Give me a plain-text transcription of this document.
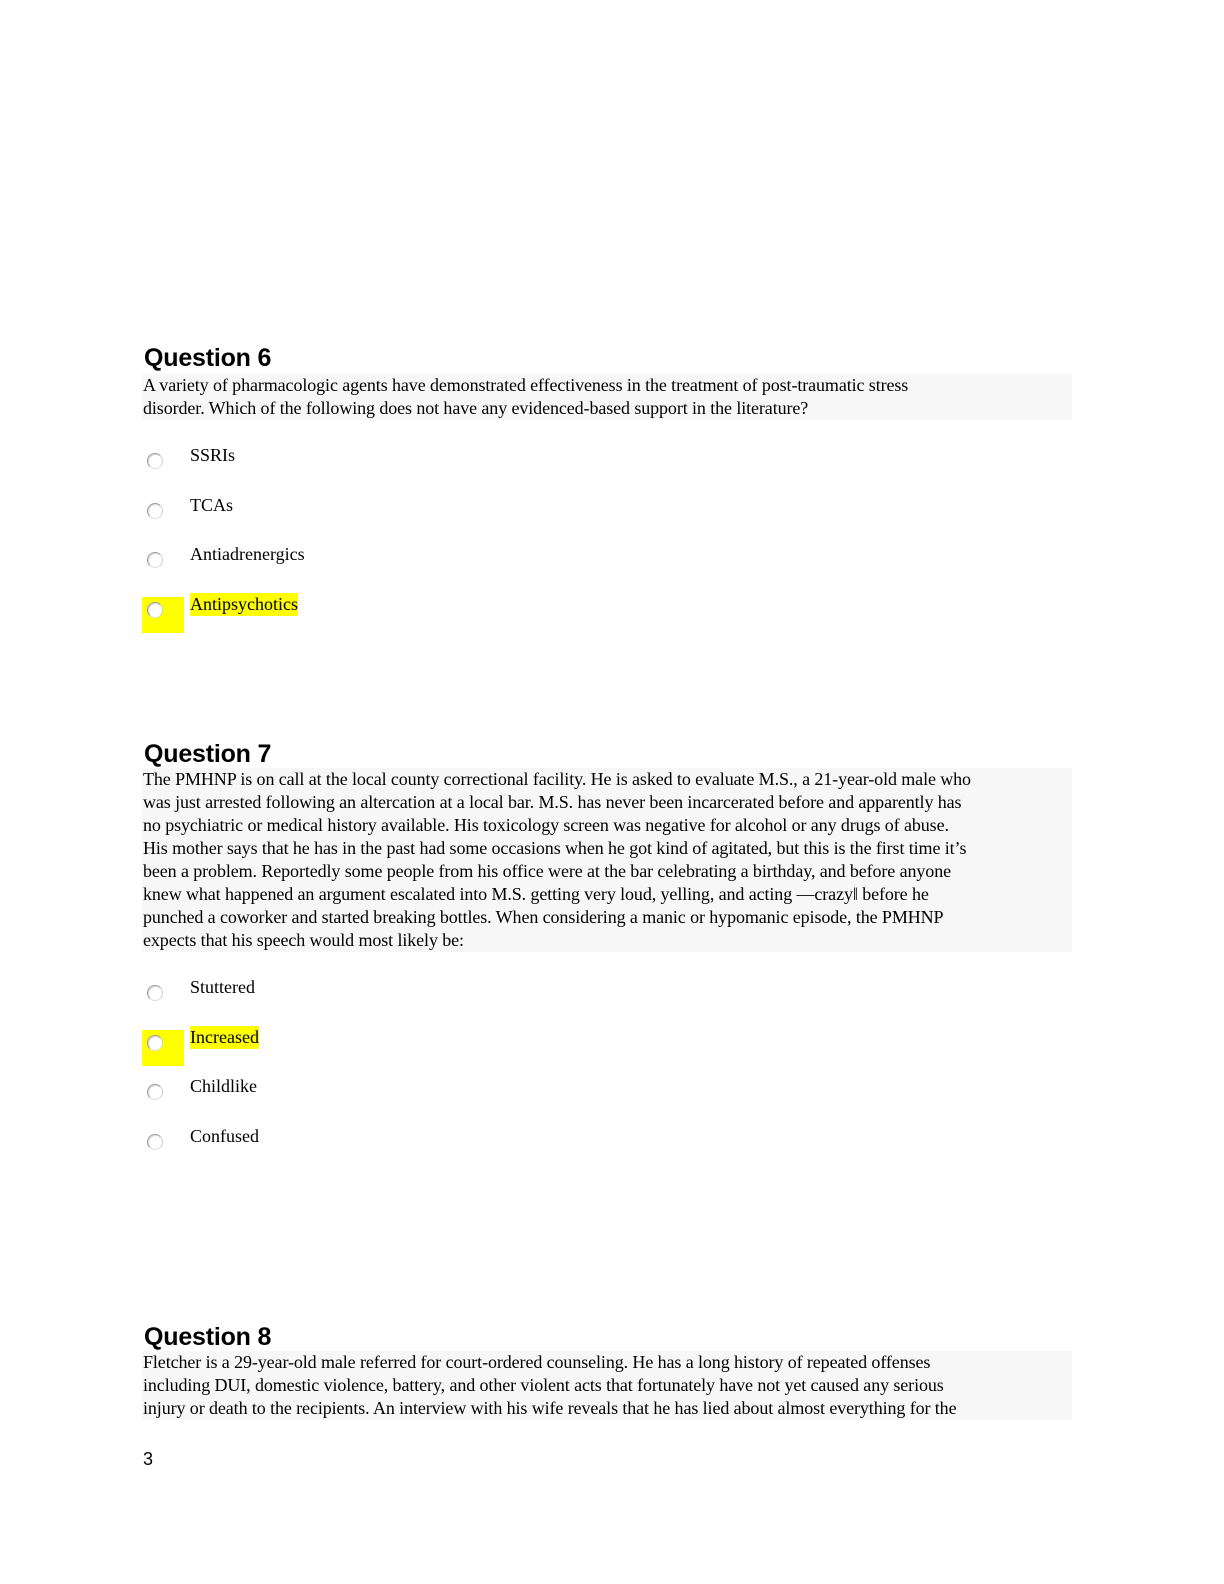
Question 6
A variety of pharmacologic agents have demonstrated effectiveness in the treatment of post-traumatic stress
disorder. Which of the following does not have any evidenced-based support in the literature?
SSRIs
TCAs
Antiadrenergics
Antipsychotics
Question 7
The PMHNP is on call at the local county correctional facility. He is asked to evaluate M.S., a 21-year-old male who
was just arrested following an altercation at a local bar. M.S. has never been incarcerated before and apparently has
no psychiatric or medical history available. His toxicology screen was negative for alcohol or any drugs of abuse.
His mother says that he has in the past had some occasions when he got kind of agitated, but this is the first time it’s
been a problem. Reportedly some people from his office were at the bar celebrating a birthday, and before anyone
knew what happened an argument escalated into M.S. getting very loud, yelling, and acting ―crazy‖ before he
punched a coworker and started breaking bottles. When considering a manic or hypomanic episode, the PMHNP
expects that his speech would most likely be:
Stuttered
Increased
Childlike
Confused
Question 8
Fletcher is a 29-year-old male referred for court-ordered counseling. He has a long history of repeated offenses
including DUI, domestic violence, battery, and other violent acts that fortunately have not yet caused any serious
injury or death to the recipients. An interview with his wife reveals that he has lied about almost everything for the
3
